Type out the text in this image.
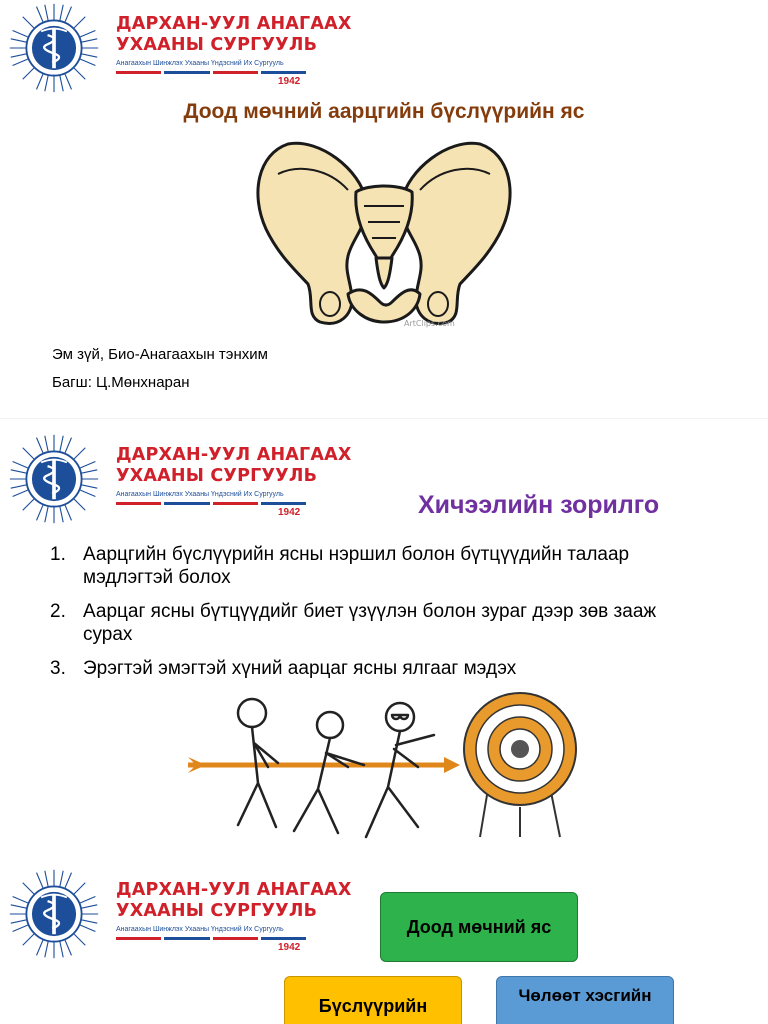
ДАРХАН-УУЛ АНАГААХ
УХААНЫ СУРГУУЛЬ
Анагаахын Шинжлэх Ухааны Үндэсний Их Сургууль
1942
Доод мөчний аарцгийн бүслүүрийн яс
ArtClips.com
Эм зүй, Био-Анагаахын тэнхим
Багш: Ц.Мөнхнаран
ДАРХАН-УУЛ АНАГААХ
УХААНЫ СУРГУУЛЬ
Анагаахын Шинжлэх Ухааны Үндэсний Их Сургууль
1942	Хичээлийн зорилго
1. Аарцгийн бүслүүрийн ясны нэршил болон бүтцүүдийн талаар мэдлэгтэй болох
2. Аарцаг ясны бүтцүүдийг биет үзүүлэн болон зураг дээр зөв зааж сурах
3. Эрэгтэй эмэгтэй хүний аарцаг ясны ялгааг мэдэх
ДАРХАН-УУЛ АНАГААХ
УХААНЫ СУРГУУЛЬ
Анагаахын Шинжлэх Ухааны Үндэсний Их Сургууль
1942
Доод мөчний яс
Бүслүүрийн
Чөлөөт хэсгийн
